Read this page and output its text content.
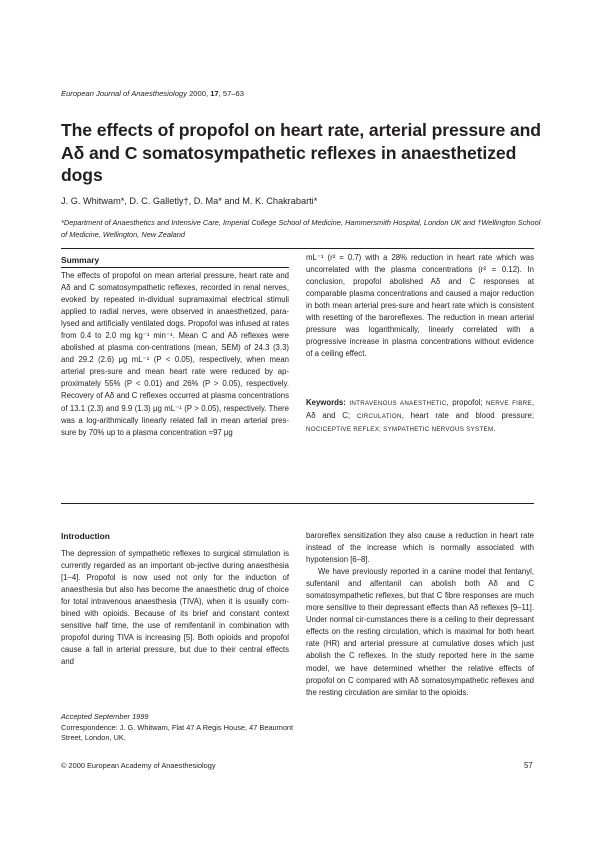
European Journal of Anaesthesiology 2000, 17, 57–63
The effects of propofol on heart rate, arterial pressure and Aδ and C somatosympathetic reflexes in anaesthetized dogs
J. G. Whitwam*, D. C. Galletly†, D. Ma* and M. K. Chakrabarti*
*Department of Anaesthetics and Intensive Care, Imperial College School of Medicine, Hammersmith Hospital, London UK and †Wellington School of Medicine, Wellington, New Zealand
Summary

The effects of propofol on mean arterial pressure, heart rate and Aδ and C somatosympathetic reflexes, recorded in renal nerves, evoked by repeated in-dividual supramaximal electrical stimuli applied to radial nerves, were observed in anaesthetized, para-lysed and artificially ventilated dogs. Propofol was infused at rates from 0.4 to 2.0 mg kg⁻¹ min⁻¹. Mean C and Aδ reflexes were abolished at plasma con-centrations (mean, SEM) of 24.3 (3.3) and 29.2 (2.6) μg mL⁻¹ (P < 0.05), respectively, when mean arterial pres-sure and mean heart rate were reduced by ap-proximately 55% (P < 0.01) and 26% (P > 0.05), respectively. Recovery of Aδ and C reflexes occurred at plasma concentrations of 13.1 (2.3) and 9.9 (1.3) μg mL⁻¹ (P > 0.05), respectively. There was a log-arithmically linearly related fall in mean arterial pres-sure by 70% up to a plasma concentration ≈97 μg

mL⁻¹ (r² = 0.7) with a 28% reduction in heart rate which was uncorrelated with the plasma concentrations (r² = 0.12). In conclusion, propofol abolished Aδ and C responses at comparable plasma concentrations and caused a major reduction in both mean arterial pres-sure and heart rate which is consistent with resetting of the baroreflexes. The reduction in mean arterial pressure was logarithmically, linearly correlated with a progressive increase in plasma concentrations without evidence of a ceiling effect.

Keywords: INTRAVENOUS ANAESTHETIC, propofol; NERVE FIBRE, Aδ and C; CIRCULATION, heart rate and blood pressure; NOCICEPTIVE REFLEX; SYMPATHETIC NERVOUS SYSTEM.
Introduction

The depression of sympathetic reflexes to surgical stimulation is currently regarded as an important ob-jective during anaesthesia [1–4]. Propofol is now used not only for the induction of anaesthesia but also has become the anaesthetic drug of choice for total intravenous anaesthesia (TIVA), when it is usually com-bined with opioids. Because of its brief and constant context sensitive half time, the use of remifentanil in combination with propofol during TIVA is increasing [5]. Both opioids and propofol cause a fall in arterial pressure, but due to their central effects and

baroreflex sensitization they also cause a reduction in heart rate instead of the increase which is normally associated with hypotension [6–8].

We have previously reported in a canine model that fentanyl, sufentanil and alfentanil can abolish both Aδ and C somatosympathetic reflexes, but that C fibre responses are much more sensitive to their depressant effects than Aδ reflexes [9–11]. Under normal cir-cumstances there is a ceiling to their depressant effects on the resting circulation, which is maximal for both heart rate (HR) and arterial pressure at cumulative doses which just abolish the C reflexes. In the study reported here in the same model, we have determined whether the relative effects of propofol on C compared with Aδ somatosympathetic reflexes and the resting circulation are similar to the opioids.

Accepted September 1999
Correspondence: J. G. Whitwam, Flat 47 A Regis House, 47 Beaumont Street, London, UK.
© 2000 European Academy of Anaesthesiology	57
